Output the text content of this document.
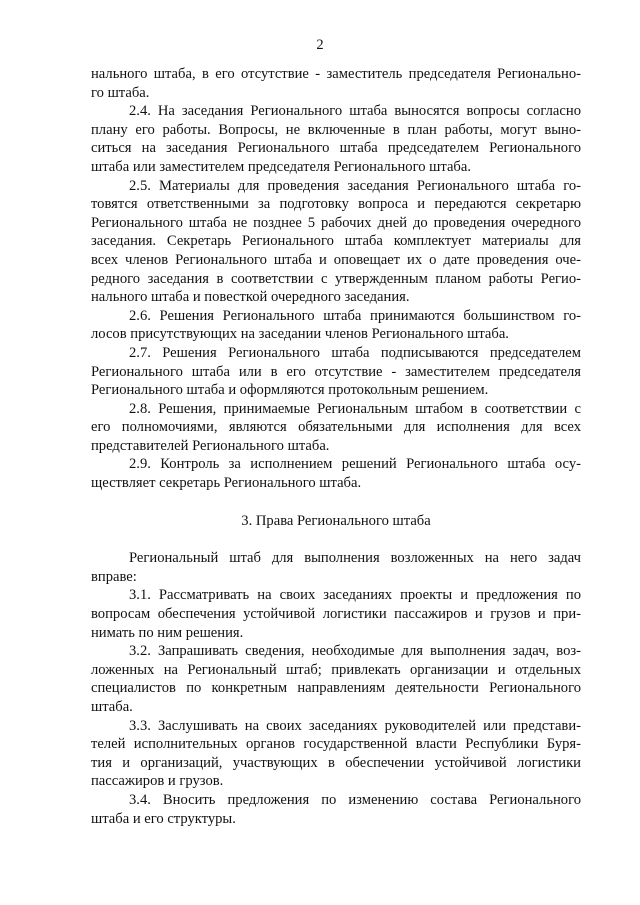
2

нального штаба, в его отсутствие - заместитель председателя Регионально-
го штаба.

2.4. На заседания Регионального штаба выносятся вопросы согласно
плану его работы. Вопросы, не включенные в план работы, могут выно-
ситься на заседания Регионального штаба председателем Регионального
штаба или заместителем председателя Регионального штаба.

2.5. Материалы для проведения заседания Регионального штаба го-
товятся ответственными за подготовку вопроса и передаются секретарю
Регионального штаба не позднее 5 рабочих дней до проведения очередного
заседания. Секретарь Регионального штаба комплектует материалы для
всех членов Регионального штаба и оповещает их о дате проведения оче-
редного заседания в соответствии с утвержденным планом работы Регио-
нального штаба и повесткой очередного заседания.

2.6. Решения Регионального штаба принимаются большинством го-
лосов присутствующих на заседании членов Регионального штаба.

2.7. Решения Регионального штаба подписываются председателем
Регионального штаба или в его отсутствие - заместителем председателя
Регионального штаба и оформляются протокольным решением.

2.8. Решения, принимаемые Региональным штабом в соответствии с
его полномочиями, являются обязательными для исполнения для всех
представителей Регионального штаба.

2.9. Контроль за исполнением решений Регионального штаба осу-
ществляет секретарь Регионального штаба.

3. Права Регионального штаба

Региональный штаб для выполнения возложенных на него задач
вправе:

3.1. Рассматривать на своих заседаниях проекты и предложения по
вопросам обеспечения устойчивой логистики пассажиров и грузов и при-
нимать по ним решения.

3.2. Запрашивать сведения, необходимые для выполнения задач, воз-
ложенных на Региональный штаб; привлекать организации и отдельных
специалистов по конкретным направлениям деятельности Регионального
штаба.

3.3. Заслушивать на своих заседаниях руководителей или представи-
телей исполнительных органов государственной власти Республики Буря-
тия и организаций, участвующих в обеспечении устойчивой логистики
пассажиров и грузов.

3.4. Вносить предложения по изменению состава Регионального
штаба и его структуры.
